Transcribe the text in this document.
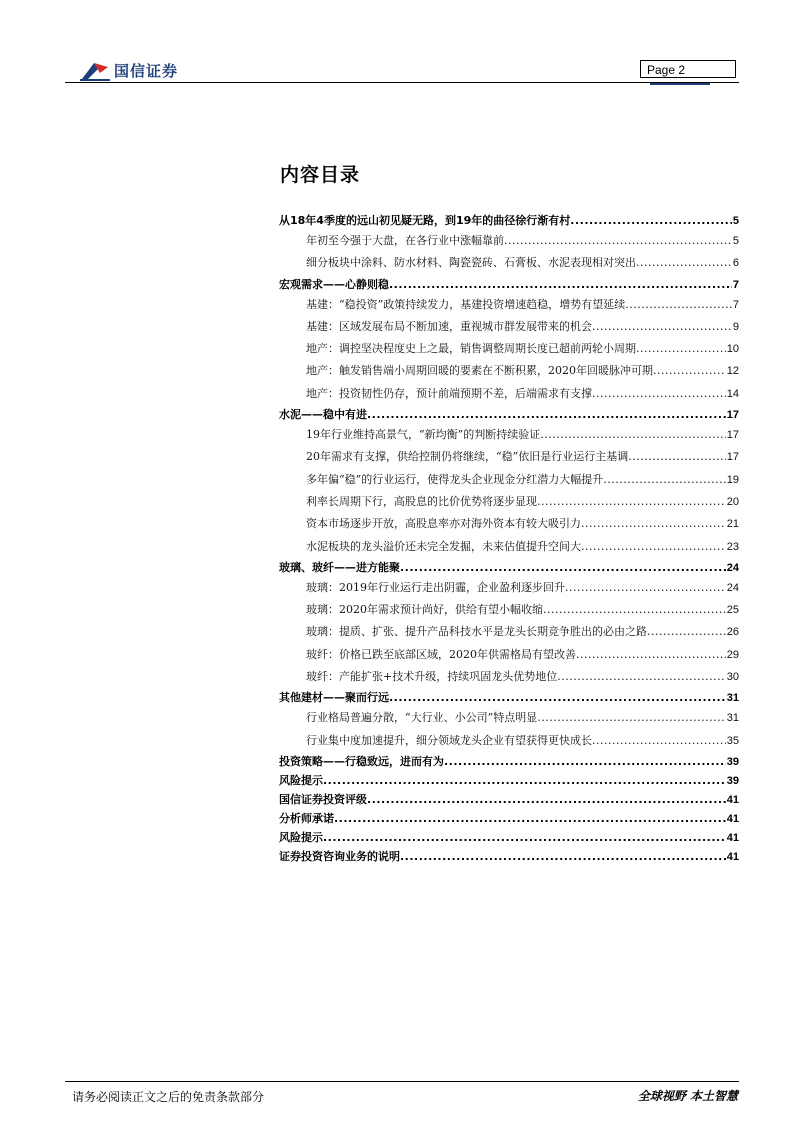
国信证券	Page 2
内容目录
从18年4季度的远山初见疑无路，到19年的曲径徐行渐有村 .....	5
年初至今强于大盘，在各行业中涨幅靠前 .....	5
细分板块中涂料、防水材料、陶瓷瓷砖、石膏板、水泥表现相对突出 .....	6
宏观需求——心静则稳 .....	7
基建：“稳投资”政策持续发力，基建投资增速趋稳，增势有望延续 .....	7
基建：区域发展布局不断加速，重视城市群发展带来的机会 .....	9
地产：调控坚决程度史上之最，销售调整周期长度已超前两轮小周期 .....	10
地产：触发销售端小周期回暖的要素在不断积累，2020年回暖脉冲可期 .....	12
地产：投资韧性仍存，预计前端预期不差，后端需求有支撑 .....	14
水泥——稳中有进 .....	17
19年行业维持高景气，“新均衡”的判断持续验证 .....	17
20年需求有支撑，供给控制仍将继续，“稳”依旧是行业运行主基调 .....	17
多年偏“稳”的行业运行，使得龙头企业现金分红潜力大幅提升 .....	19
利率长周期下行，高股息的比价优势将逐步显现 .....	20
资本市场逐步开放，高股息率亦对海外资本有较大吸引力 .....	21
水泥板块的龙头溢价还未完全发掘，未来估值提升空间大 .....	23
玻璃、玻纤——进方能聚 .....	24
玻璃：2019年行业运行走出阴霾，企业盈利逐步回升 .....	24
玻璃：2020年需求预计尚好，供给有望小幅收缩 .....	25
玻璃：提质、扩张、提升产品科技水平是龙头长期竞争胜出的必由之路 .....	26
玻纤：价格已跌至底部区域，2020年供需格局有望改善 .....	29
玻纤：产能扩张+技术升级，持续巩固龙头优势地位 .....	30
其他建材——聚而行远 .....	31
行业格局普遍分散，“大行业、小公司”特点明显 .....	31
行业集中度加速提升，细分领域龙头企业有望获得更快成长 .....	35
投资策略——行稳致远，进而有为 .....	39
风险提示 .....	39
国信证券投资评级 .....	41
分析师承诺 .....	41
风险提示 .....	41
证券投资咨询业务的说明 .....	41
请务必阅读正文之后的免责条款部分	全球视野 本土智慧
